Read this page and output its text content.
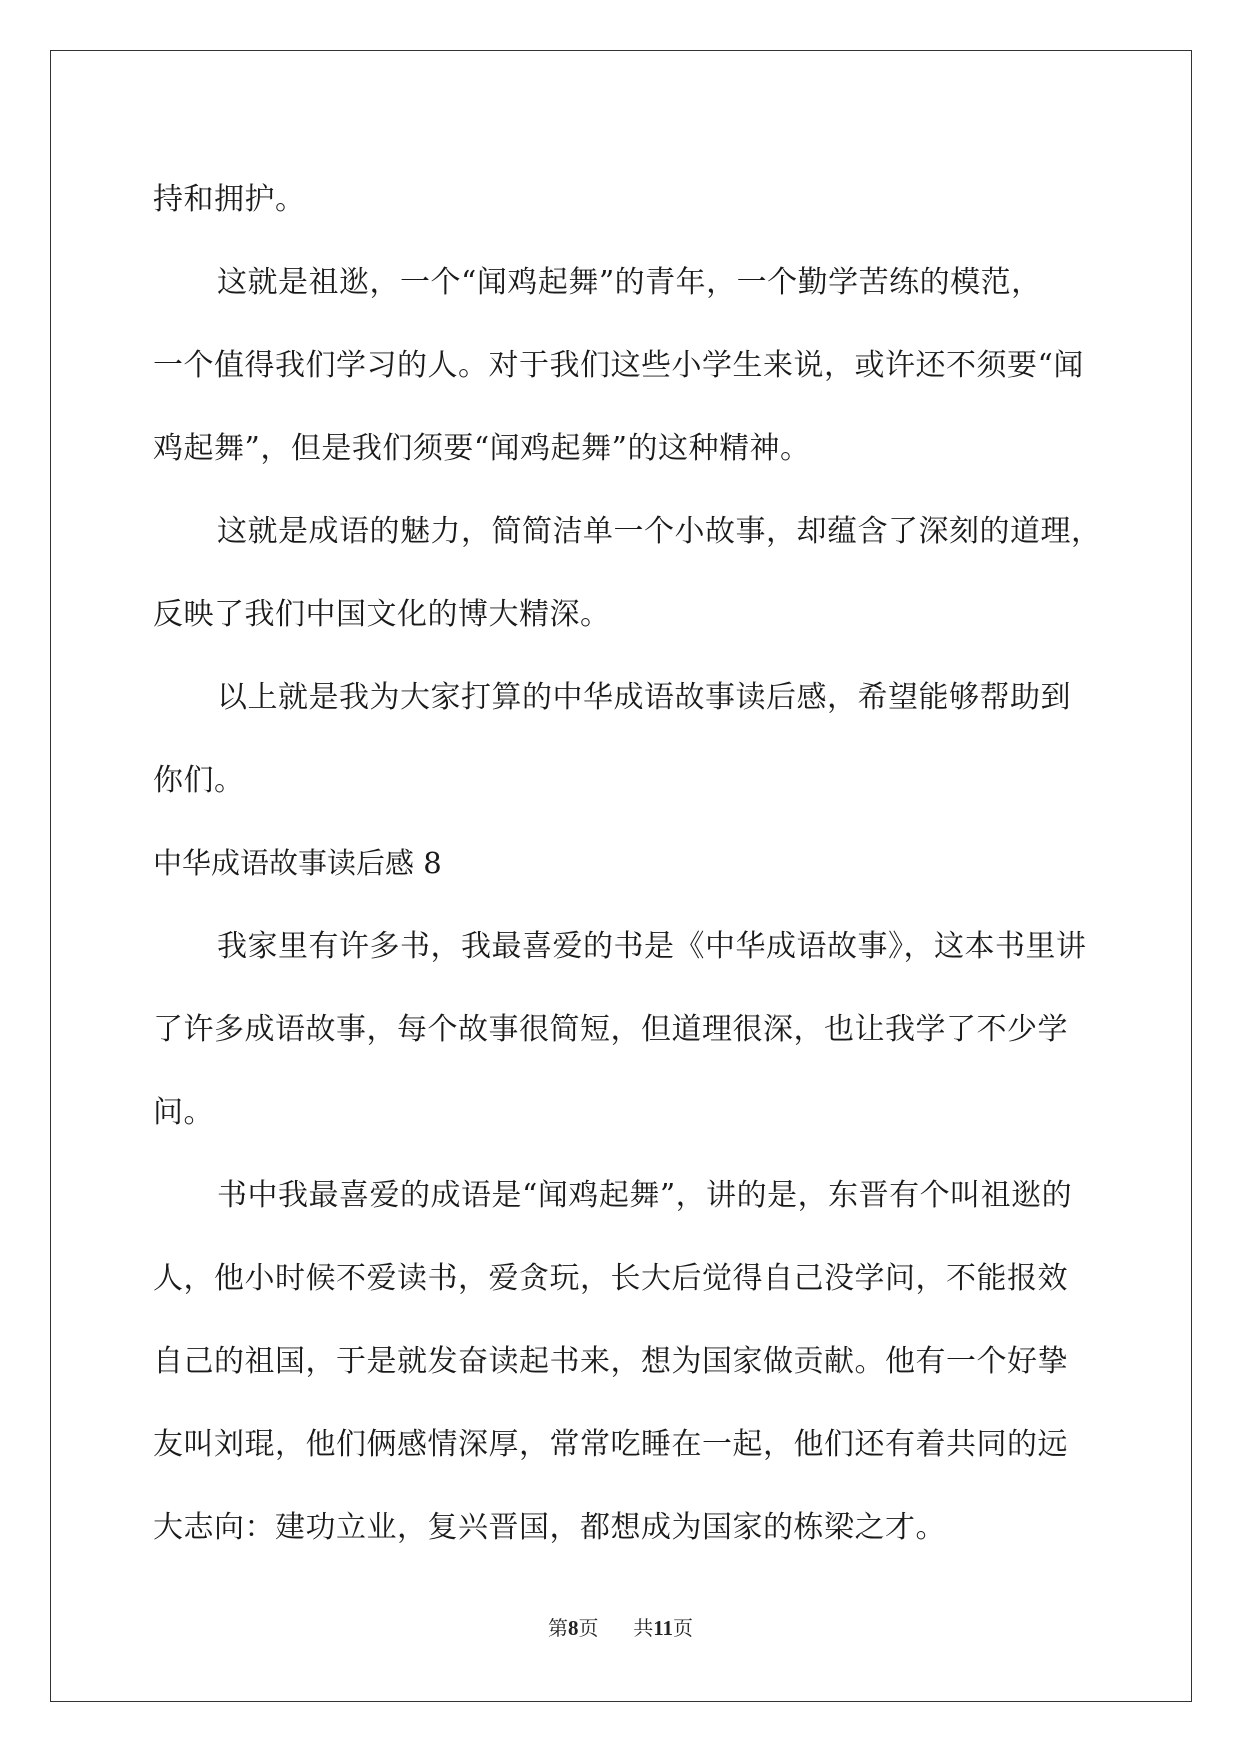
持和拥护。
这就是祖逖，一个“闻鸡起舞”的青年，一个勤学苦练的模范，
一个值得我们学习的人。对于我们这些小学生来说，或许还不须要“闻
鸡起舞”，但是我们须要“闻鸡起舞”的这种精神。
这就是成语的魅力，简简洁单一个小故事，却蕴含了深刻的道理，
反映了我们中国文化的博大精深。
以上就是我为大家打算的中华成语故事读后感，希望能够帮助到
你们。
中华成语故事读后感 8
我家里有许多书，我最喜爱的书是《中华成语故事》，这本书里讲
了许多成语故事，每个故事很简短，但道理很深，也让我学了不少学
问。
书中我最喜爱的成语是“闻鸡起舞”，讲的是，东晋有个叫祖逖的
人，他小时候不爱读书，爱贪玩，长大后觉得自己没学问，不能报效
自己的祖国，于是就发奋读起书来，想为国家做贡献。他有一个好挚
友叫刘琨，他们俩感情深厚，常常吃睡在一起，他们还有着共同的远
大志向：建功立业，复兴晋国，都想成为国家的栋梁之才。
第8页 共11页
